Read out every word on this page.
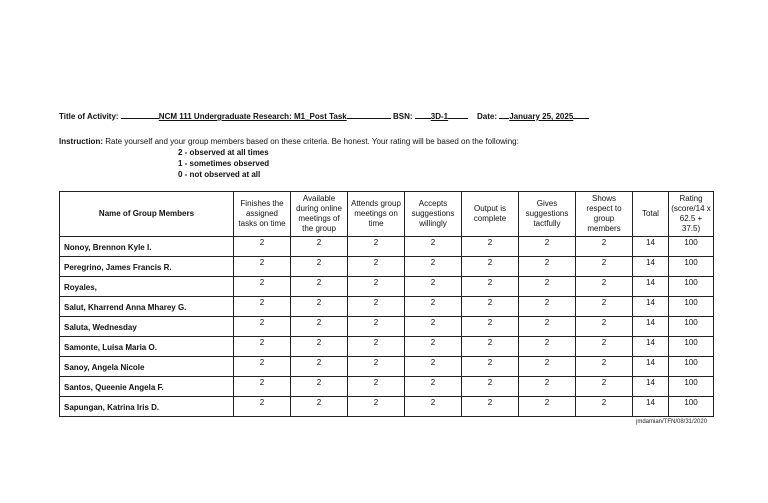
Title of Activity:	NCM 111 Undergraduate Research: M1_Post Task	BSN: 3D-1	Date: January 25, 2025
Instruction: Rate yourself and your group members based on these criteria. Be honest. Your rating will be based on the following:
2 - observed at all times
1 - sometimes observed
0 - not observed at all
Name of Group Members	Finishes the assigned tasks on time	Available during online meetings of the group	Attends group meetings on time	Accepts suggestions willingly	Output is complete	Gives suggestions tactfully	Shows respect to group members	Total	Rating (score/14 x 62.5 + 37.5)
Nonoy, Brennon Kyle I.	2	2	2	2	2	2	2	14	100
Peregrino, James Francis R.	2	2	2	2	2	2	2	14	100
Royales,	2	2	2	2	2	2	2	14	100
Salut, Kharrend Anna Mharey G.	2	2	2	2	2	2	2	14	100
Saluta, Wednesday	2	2	2	2	2	2	2	14	100
Samonte, Luisa Maria O.	2	2	2	2	2	2	2	14	100
Sanoy, Angela Nicole	2	2	2	2	2	2	2	14	100
Santos, Queenie Angela F.	2	2	2	2	2	2	2	14	100
Sapungan, Katrina Iris D.	2	2	2	2	2	2	2	14	100
jmdamian/TFN/08/31/2020
